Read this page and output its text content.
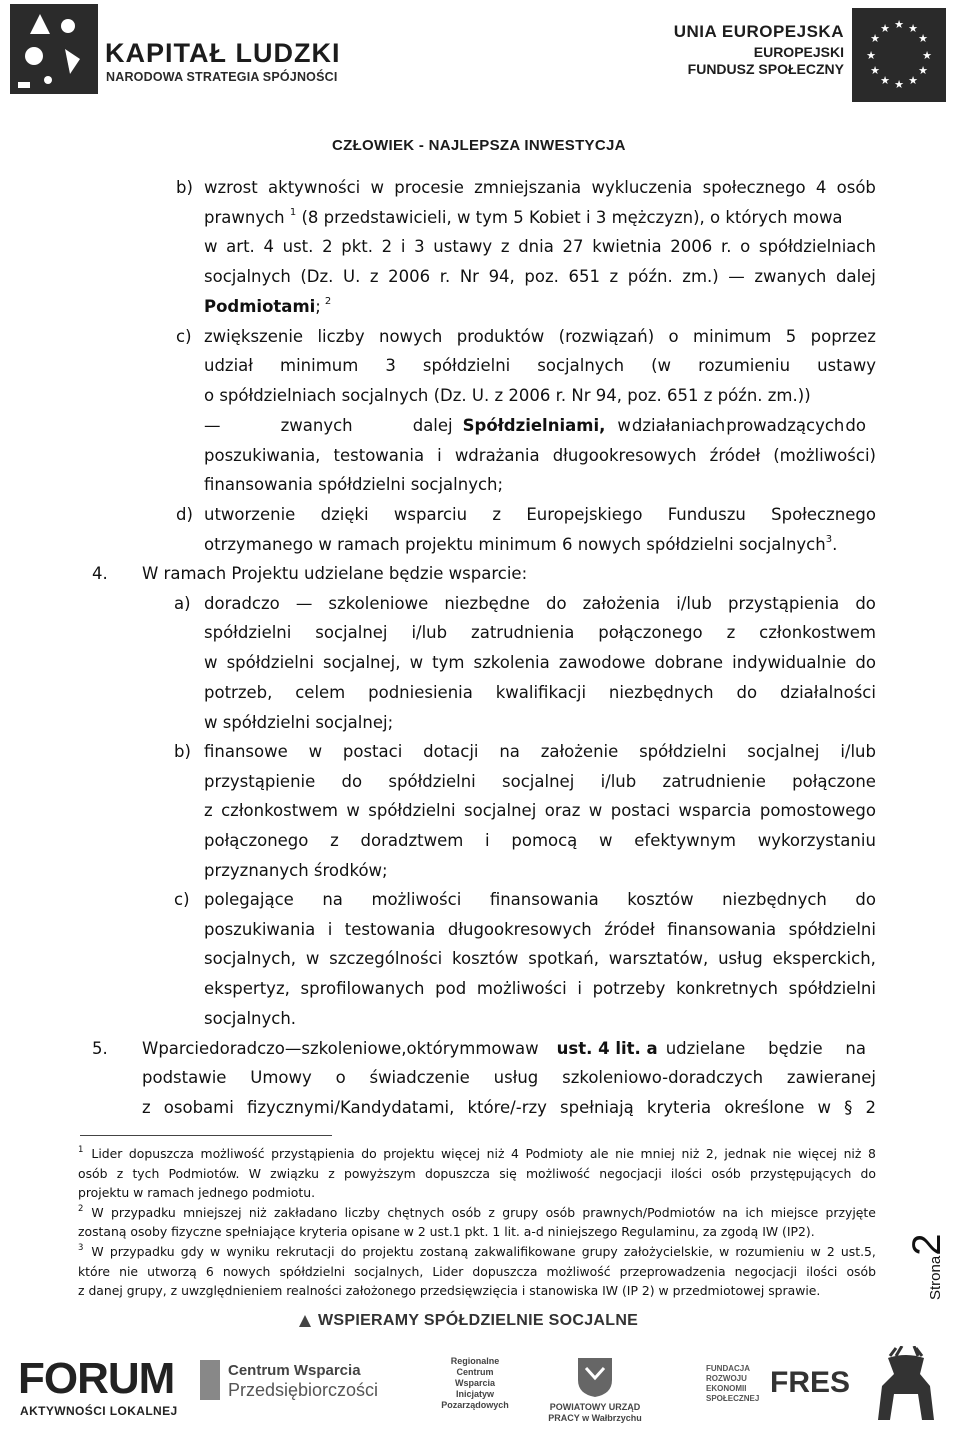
KAPITAŁ LUDZKI
NARODOWA STRATEGIA SPÓJNOŚCI
UNIA EUROPEJSKA
EUROPEJSKI
FUNDUSZ SPOŁECZNY
★ ★
★
★
★
★
★
★
★
★
★
★
CZŁOWIEK - NAJLEPSZA INWESTYCJA
b) wzrost aktywności w procesie zmniejszania wykluczenia społecznego 4 osób
prawnych $^1$ (8 przedstawicieli, w tym 5 Kobiet i 3 mężczyzn), o których mowa
w art. 4 ust. 2 pkt. 2 i 3 ustawy z dnia 27 kwietnia 2006 r. o spółdzielniach
socjalnych (Dz. U. z 2006 r. Nr 94, poz. 651 z późn. zm.) — zwanych dalej
Podmiotami; $^2$
c) zwiększenie liczby nowych produktów (rozwiązań) o minimum 5 poprzez
udział minimum 3 spółdzielni socjalnych (w rozumieniu ustawy
o spółdzielniach socjalnych (Dz. U. z 2006 r. Nr 94, poz. 651 z późn. zm.))
—	zwanych	dalej Spółdzielniami, w działaniach prowadzących do
poszukiwania, testowania i wdrażania długookresowych źródeł (możliwości)
finansowania spółdzielni socjalnych;
d) utworzenie dzięki wsparciu z Europejskiego Funduszu Społecznego
otrzymanego w ramach projektu minimum 6 nowych spółdzielni socjalnych$^3$.
4. W ramach Projektu udzielane będzie wsparcie:
a) doradczo — szkoleniowe niezbędne do założenia i/lub przystąpienia do
spółdzielni socjalnej i/lub zatrudnienia połączonego z członkostwem
w spółdzielni socjalnej, w tym szkolenia zawodowe dobrane indywidualnie do
potrzeb, celem podniesienia kwalifikacji niezbędnych do działalności
w spółdzielni socjalnej;
b) finansowe w postaci dotacji na założenie spółdzielni socjalnej i/lub
przystąpienie do spółdzielni socjalnej i/lub zatrudnienie połączone
z członkostwem w spółdzielni socjalnej oraz w postaci wsparcia pomostowego
połączonego z doradztwem i pomocą w efektywnym wykorzystaniu
przyznanych środków;
c) polegające na możliwości finansowania kosztów niezbędnych do
poszukiwania i testowania długookresowych źródeł finansowania spółdzielni
socjalnych, w szczególności kosztów spotkań, warsztatów, usług eksperckich,
ekspertyz, sprofilowanych pod możliwości i potrzeby konkretnych spółdzielni
socjalnych.
5. Wparcie doradczo — szkoleniowe, o którym mowa w ust. 4 lit. a udzielane będzie na
podstawie Umowy o świadczenie usług szkoleniowo-doradczych zawieranej
z osobami fizycznymi/Kandydatami, które/-rzy spełniają kryteria określone w § 2
$^1$ Lider dopuszcza możliwość przystąpienia do projektu więcej niż 4 Podmioty ale nie mniej niż 2, jednak nie więcej niż 8
osób z tych Podmiotów. W związku z powyższym dopuszcza się możliwość negocjacji ilości osób przystępujących do
projektu w ramach jednego podmiotu.
$^2$ W przypadku mniejszej niż zakładano liczby chętnych osób z grupy osób prawnych/Podmiotów na ich miejsce przyjęte
zostaną osoby fizyczne spełniające kryteria opisane w 2 ust.1 pkt. 1 lit. a-d niniejszego Regulaminu, za zgodą IW (IP2).
$^3$ W przypadku gdy w wyniku rekrutacji do projektu zostaną zakwalifikowane grupy założycielskie, w rozumieniu w 2 ust.5,
które nie utworzą 6 nowych spółdzielni socjalnych, Lider dopuszcza możliwość przeprowadzenia negocjacji ilości osób
z danej grupy, z uwzględnieniem realności założonego przedsięwzięcia i stanowiska IW (IP 2) w przedmiotowej sprawie.	Strona2
WSPIERAMY SPÓŁDZIELNIE SOCJALNE
FORUM
AKTYWNOŚCI LOKALNEJ
Centrum Wsparcia
Przedsiębiorczości
Regionalne Centrum Wsparcia Inicjatyw Pozarządowych	POWIATOWY URZĄD PRACY w Wałbrzychu
FUNDACJA ROZWOJU EKONOMII SPOŁECZNEJ FRES
